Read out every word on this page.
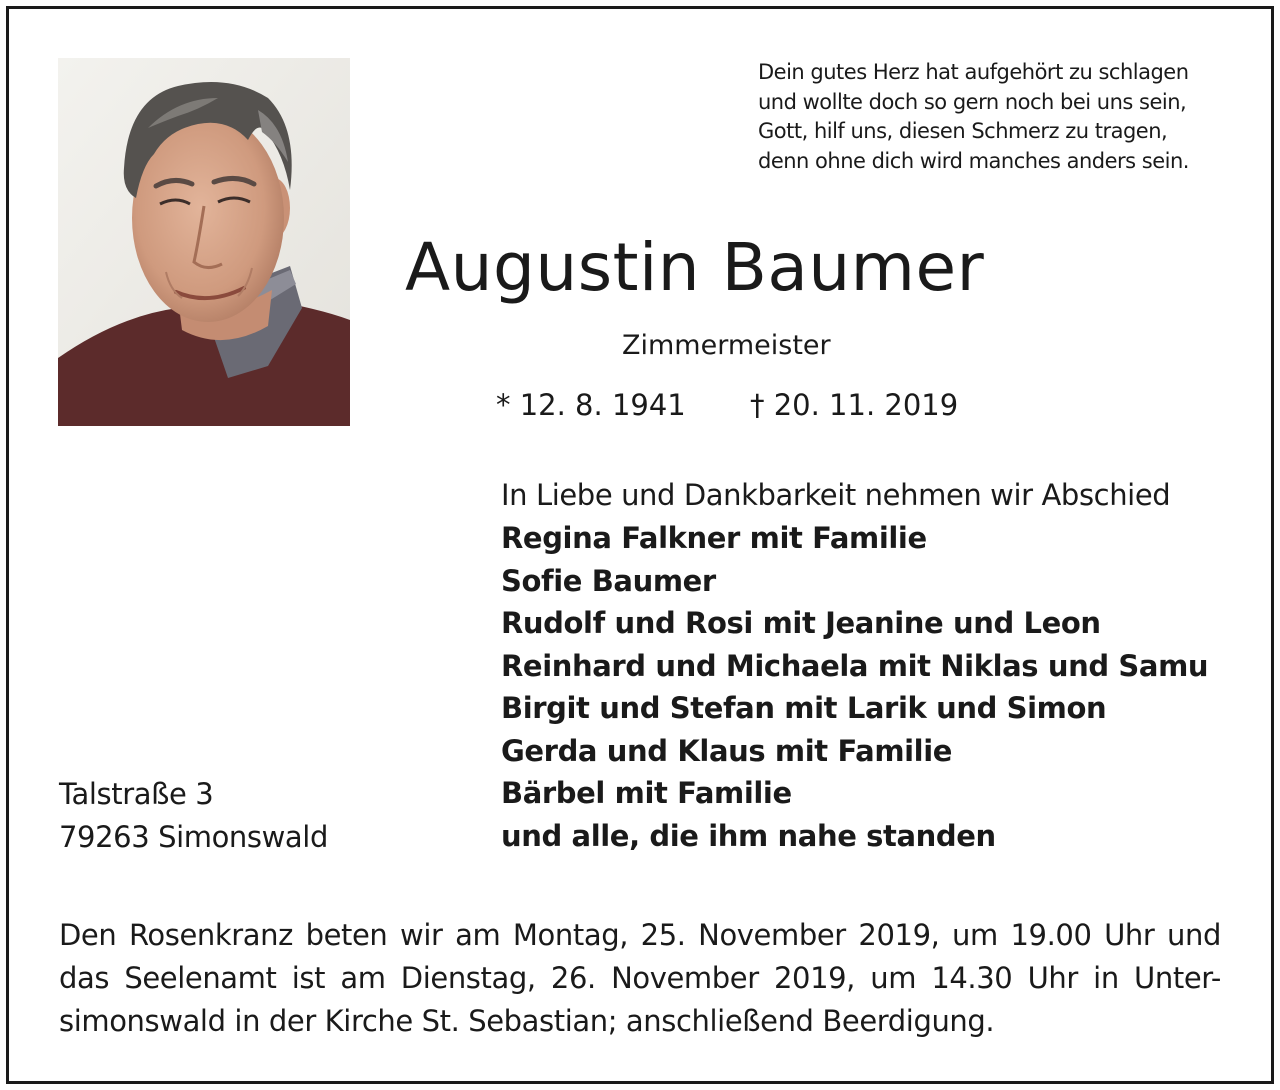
Dein gutes Herz hat aufgehört zu schlagen
und wollte doch so gern noch bei uns sein,
Gott, hilf uns, diesen Schmerz zu tragen,
denn ohne dich wird manches anders sein.
Augustin Baumer
Zimmermeister
* 12. 8. 1941 † 20. 11. 2019
In Liebe und Dankbarkeit nehmen wir Abschied
Regina Falkner mit Familie
Sofie Baumer
Rudolf und Rosi mit Jeanine und Leon
Reinhard und Michaela mit Niklas und Samu
Birgit und Stefan mit Larik und Simon
Gerda und Klaus mit Familie
Bärbel mit Familie
und alle, die ihm nahe standen
Talstraße 3
79263 Simonswald
Den Rosenkranz beten wir am Montag, 25. November 2019, um 19.00 Uhr und
das Seelenamt ist am Dienstag, 26. November 2019, um 14.30 Uhr in Unter-
simonswald in der Kirche St. Sebastian; anschließend Beerdigung.
